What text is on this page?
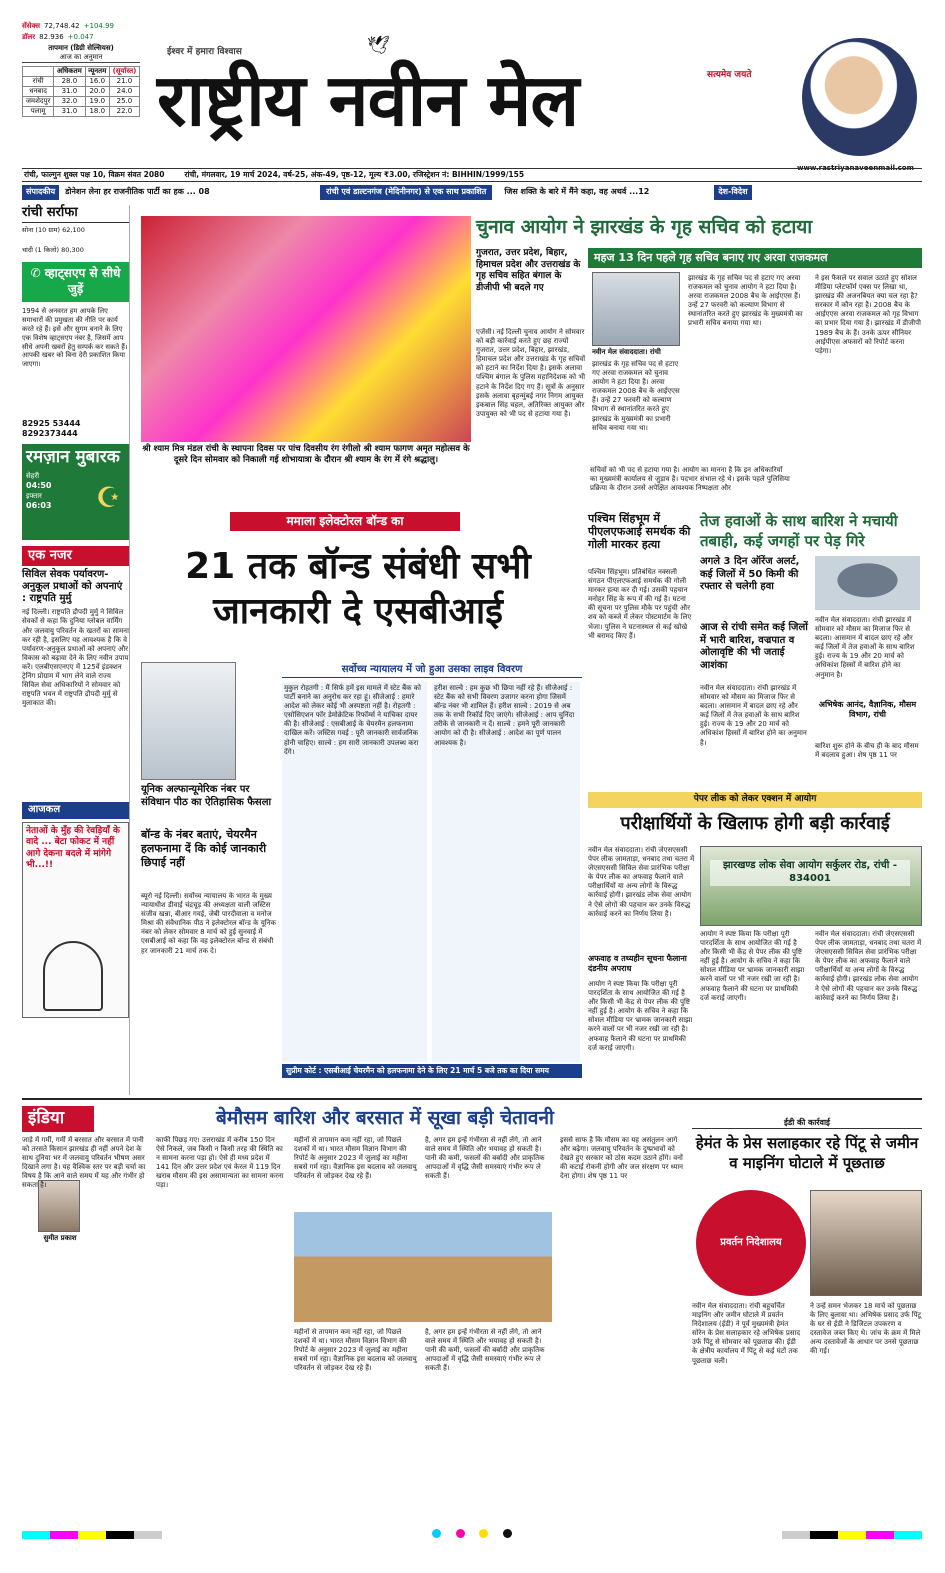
सेंसेक्स 72,748.42 +104.99
डॉलर 82.936 +0.047
तापमान (डिग्री सेल्सियस)
आज का अनुमान
	अधिकतम	न्यूनतम	(सूर्यास्त)
रांची	28.0	16.0	21.0
धनबाद	31.0	20.0	24.0
जमशेदपुर	32.0	19.0	25.0
पलामू	31.0	18.0	22.0
🕊
ईश्वर में हमारा विश्वास
राष्ट्रीय नवीन मेल	सत्यमेव जयते
www.rastriyanaveenmail.com
रांची, फाल्गुन शुक्ल पक्ष 10, विक्रम संवत 2080	रांची, मंगलवार, 19 मार्च 2024, वर्ष-25, अंक-49, पृष्ठ-12, मूल्य ₹3.00, रजिस्ट्रेशन नं: BIHHIN/1999/155
संपादकीय	डोनेशन लेना हर राजनीतिक पार्टी का हक ... 08	रांची एवं डाल्टनगंज (मेदिनीनगर) से एक साथ प्रकाशित	जिस शक्ति के बारे में मैंने कहा, वह अथर्व ...12	देश-विदेश
रांची सर्राफा
सोना (10 ग्राम) 62,100
चांदी (1 किलो) 80,300
✆ व्हाट्सएप से सीधे जुड़ें
1994 से अनवरत हम आपके लिए समाचारों की प्रमुखता की नीति पर कार्य करते रहे हैं। इसे और सुगम बनाने के लिए एक विशेष व्हाट्सएप नंबर है, जिसमें आप सीधे अपनी खबरों हेतु सम्पर्क कर सकते हैं। आपकी खबर को बिना देरी प्रकाशित किया जाएगा।
82925 53444
8292373444
रमज़ान मुबारक
☪
सेहरी
04:50
इफ्तार
06:03
एक नजर
सिविल सेवक पर्यावरण-अनुकूल प्रथाओं को अपनाएं : राष्ट्रपति मुर्मु
नई दिल्ली। राष्ट्रपति द्रौपदी मुर्मु ने सिविल सेवकों से कहा कि दुनिया ग्लोबल वार्मिंग और जलवायु परिवर्तन के खतरों का सामना कर रही है, इसलिए यह आवश्यक है कि वे पर्यावरण-अनुकूल प्रथाओं को अपनाएं और विकास को बढ़ावा देने के लिए नवीन उपाय करें। एलबीएसएनएए में 125वें इंडक्शन ट्रेनिंग प्रोग्राम में भाग लेने वाले राज्य सिविल सेवा अधिकारियों ने सोमवार को राष्ट्रपति भवन में राष्ट्रपति द्रौपदी मुर्मु से मुलाकात की।
आजकल
नेताओं के मुँह की रेवड़ियाँ के वादे ... बेटा फोकट में नहीं आगे देकना बदले में मांगेगे भी...!!
श्री श्याम मित्र मंडल रांची के स्थापना दिवस पर पांच दिवसीय रंग रंगीलो श्री श्याम फागण अमृत महोत्सव के दूसरे दिन सोमवार को निकाली गई शोभायात्रा के दौरान श्री श्याम के रंग में रंगे श्रद्धालु।
चुनाव आयोग ने झारखंड के गृह सचिव को हटाया
गुजरात, उत्तर प्रदेश, बिहार, हिमाचल प्रदेश और उत्तराखंड के गृह सचिव सहित बंगाल के डीजीपी भी बदले गए
एजेंसी। नई दिल्ली चुनाव आयोग ने सोमवार को बड़ी कार्रवाई करते हुए छह राज्यों गुजरात, उत्तर प्रदेश, बिहार, झारखंड, हिमाचल प्रदेश और उत्तराखंड के गृह सचिवों को हटाने का निर्देश दिया है। इसके अलावा पश्चिम बंगाल के पुलिस महानिदेशक को भी हटाने के निर्देश दिए गए हैं। सूत्रों के अनुसार इसके अलावा बृहन्मुंबई नगर निगम आयुक्त इकबाल सिंह चहल, अतिरिक्त आयुक्त और उपायुक्त को भी पद से हटाया गया है।
महज 13 दिन पहले गृह सचिव बनाए गए अरवा राजकमल
नवीन मेल संवाददाता। रांची
झारखंड के गृह सचिव पद से हटाए गए अरवा राजकमल को चुनाव आयोग ने हटा दिया है। अरवा राजकमल 2008 बैच के आईएएस हैं। उन्हें 27 फरवरी को कल्याण विभाग से स्थानांतरित करते हुए झारखंड के मुख्यमंत्री का प्रभारी सचिव बनाया गया था।
सचिवों को भी पद से हटाया गया है। आयोग का मानना है कि इन अधिकारियों का मुख्यमंत्री कार्यालय से जुड़ाव है। पदभार संभाल रहे थे। इसके पहले पुलिसिया प्रक्रिया के दौरान उनसे अपेक्षित आवश्यक निष्पक्षता और
ने इस फैसले पर सवाल उठाते हुए सोशल मीडिया प्लेटफॉर्म एक्स पर लिखा था, झारखंड की अजनबियत क्या चल रहा है? सरकार में कौन रहा है। 2008 बैच के आईएएस अरवा राजकमल को गृह विभाग का प्रभार दिया गया है। झारखंड में डीजीपी 1989 बैच के हैं। उनके ऊपर सीनियर आईपीएस अफसरों को रिपोर्ट करना पड़ेगा।
झारखंड के गृह सचिव पद से हटाए गए अरवा राजकमल को चुनाव आयोग ने हटा दिया है। अरवा राजकमल 2008 बैच के आईएएस हैं। उन्हें 27 फरवरी को कल्याण विभाग से स्थानांतरित करते हुए झारखंड के मुख्यमंत्री का प्रभारी सचिव बनाया गया था।
ममाला इलेक्टोरल बॉन्ड का
21 तक बॉन्ड संबंधी सभी जानकारी दे एसबीआई
यूनिक अल्फान्यूमेरिक नंबर पर संविधान पीठ का ऐतिहासिक फैसला
बॉन्ड के नंबर बताएं, चेयरमैन हलफनामा दें कि कोई जानकारी छिपाई नहीं
ब्यूरो नई दिल्ली। सर्वोच्च न्यायालय के भारत के मुख्य न्यायाधीश डीवाई चंद्रचूड़ की अध्यक्षता वाली जस्टिस संजीव खन्ना, बीआर गवई, जेबी पारदीवाला व मनोज मिश्रा की संवैधानिक पीठ ने इलेक्टोरल बॉन्ड के यूनिक नंबर को लेकर सोमवार 8 मार्च को हुई सुनवाई में एसबीआई को कहा कि वह इलेक्टोरल बॉन्ड से संबंधी हर जानकारी 21 मार्च तक दे।
सर्वोच्च न्यायालय में जो हुआ उसका लाइव विवरण
मुकुल रोहतगी : मैं सिर्फ हमें इस मामले में स्टेट बैंक को पार्टी बनाने का अनुरोध कर रहा हूं। सीजेआई : हमारे आदेश को लेकर कोई भी अस्पष्टता नहीं है। रोहतगी : एसोसिएशन फॉर डेमोक्रेटिक रिफॉर्म्स ने याचिका दायर की है। सीजेआई : एसबीआई के चेयरमैन हलफनामा दाखिल करें। जस्टिस गवई : पूरी जानकारी सार्वजनिक होनी चाहिए। साल्वे : हम सारी जानकारी उपलब्ध करा देंगे।
हरीश साल्वे : हम कुछ भी छिपा नहीं रहे हैं। सीजेआई : स्टेट बैंक को सभी विवरण उजागर करना होगा जिसमें बॉन्ड नंबर भी शामिल हैं। हरीश साल्वे : 2019 से अब तक के सभी रिकॉर्ड दिए जाएंगे। सीजेआई : आप चुनिंदा तरीके से जानकारी न दें। साल्वे : हमने पूरी जानकारी आयोग को दी है। सीजेआई : आदेश का पूर्ण पालन आवश्यक है।
सुप्रीम कोर्ट : एसबीआई चेयरमैन को हलफनामा देने के लिए 21 मार्च 5 बजे तक का दिया समय
पश्चिम सिंहभूम में पीएलएफआई समर्थक की गोली मारकर हत्या
पश्चिम सिंहभूम। प्रतिबंधित नक्सली संगठन पीएलएफआई समर्थक की गोली मारकर हत्या कर दी गई। उसकी पहचान मनोहर सिंह के रूप में की गई है। घटना की सूचना पर पुलिस मौके पर पहुंची और शव को कब्जे में लेकर पोस्टमार्टम के लिए भेजा। पुलिस ने घटनास्थल से कई खोखे भी बरामद किए हैं।
तेज हवाओं के साथ बारिश ने मचायी तबाही, कई जगहों पर पेड़ गिरे
अगले 3 दिन ऑरेंज अलर्ट, कई जिलों में 50 किमी की रफ्तार से चलेगी हवा
आज से रांची समेत कई जिलों में भारी बारिश, वज्रपात व ओलावृष्टि की भी जताई आशंका
नवीन मेल संवाददाता। रांची झारखंड में सोमवार को मौसम का मिजाज फिर से बदला। आसमान में बादल छाए रहे और कई जिलों में तेज हवाओं के साथ बारिश हुई। राज्य के 19 और 20 मार्च को अधिकांश हिस्सों में बारिश होने का अनुमान है।
नवीन मेल संवाददाता। रांची झारखंड में सोमवार को मौसम का मिजाज फिर से बदला। आसमान में बादल छाए रहे और कई जिलों में तेज हवाओं के साथ बारिश हुई। राज्य के 19 और 20 मार्च को अधिकांश हिस्सों में बारिश होने का अनुमान है।
अभिषेक आनंद, वैज्ञानिक, मौसम विभाग, रांची
बारिश शुरू होने के बीच ही के बाद मौसम में बदलाव हुआ। शेष पृष्ठ 11 पर
पेपर लीक को लेकर एक्शन में आयोग
परीक्षार्थियों के खिलाफ होगी बड़ी कार्रवाई
नवीन मेल संवाददाता। रांची जेएसएससी पेपर लीक जामताड़ा, धनबाद तथा चतरा में जेएसएससी सिविल सेवा प्रारंभिक परीक्षा के पेपर लीक का अफवाह फैलाने वाले परीक्षार्थियों या अन्य लोगों के विरुद्ध कार्रवाई होगी। झारखंड लोक सेवा आयोग ने ऐसे लोगों की पहचान कर उनके विरुद्ध कार्रवाई करने का निर्णय लिया है।
अफवाह व तथ्यहीन सूचना फैलाना दंडनीय अपराध
आयोग ने स्पष्ट किया कि परीक्षा पूरी पारदर्शिता के साथ आयोजित की गई है और किसी भी केंद्र से पेपर लीक की पुष्टि नहीं हुई है। आयोग के सचिव ने कहा कि सोशल मीडिया पर भ्रामक जानकारी साझा करने वालों पर भी नजर रखी जा रही है। अफवाह फैलाने की घटना पर प्राथमिकी दर्ज कराई जाएगी।
झारखण्ड लोक सेवा आयोग सर्कुलर रोड, रांची - 834001
आयोग ने स्पष्ट किया कि परीक्षा पूरी पारदर्शिता के साथ आयोजित की गई है और किसी भी केंद्र से पेपर लीक की पुष्टि नहीं हुई है। आयोग के सचिव ने कहा कि सोशल मीडिया पर भ्रामक जानकारी साझा करने वालों पर भी नजर रखी जा रही है। अफवाह फैलाने की घटना पर प्राथमिकी दर्ज कराई जाएगी।
नवीन मेल संवाददाता। रांची जेएसएससी पेपर लीक जामताड़ा, धनबाद तथा चतरा में जेएसएससी सिविल सेवा प्रारंभिक परीक्षा के पेपर लीक का अफवाह फैलाने वाले परीक्षार्थियों या अन्य लोगों के विरुद्ध कार्रवाई होगी। झारखंड लोक सेवा आयोग ने ऐसे लोगों की पहचान कर उनके विरुद्ध कार्रवाई करने का निर्णय लिया है।
इंडिया	बेमौसम बारिश और बरसात में सूखा बड़ी चेतावनी
सुमीत प्रकाश
जाड़े में गर्मी, गर्मी में बरसात और बरसात में पानी को तरसते किसान झारखंड ही नहीं अपने देश के साथ दुनिया भर में जलवायु परिवर्तन भीषण असर दिखाने लगा है। यह वैश्विक स्तर पर बड़ी चर्चा का विषय है कि आने वाले समय में यह और गंभीर हो सकता है।
काफी पिछड़ गए। उत्तराखंड में करीब 150 दिन ऐसे निकले, जब किसी न किसी तरह की स्थिति का न सामना करना पड़ा हो। ऐसे ही मध्य प्रदेश में 141 दिन और उत्तर प्रदेश एवं केरल में 119 दिन खराब मौसम की इस असामान्यता का सामना करना पड़ा।
महीनों से तापमान कम नहीं रहा, जो पिछले दशकों में था। भारत मौसम विज्ञान विभाग की रिपोर्ट के अनुसार 2023 में जुलाई का महीना सबसे गर्म रहा। वैज्ञानिक इस बदलाव को जलवायु परिवर्तन से जोड़कर देख रहे हैं।
है, अगर हम इन्हें गंभीरता से नहीं लेंगे, तो आने वाले समय में स्थिति और भयावह हो सकती है। पानी की कमी, फसलों की बर्बादी और प्राकृतिक आपदाओं में वृद्धि जैसी समस्याएं गंभीर रूप ले सकती हैं।
महीनों से तापमान कम नहीं रहा, जो पिछले दशकों में था। भारत मौसम विज्ञान विभाग की रिपोर्ट के अनुसार 2023 में जुलाई का महीना सबसे गर्म रहा। वैज्ञानिक इस बदलाव को जलवायु परिवर्तन से जोड़कर देख रहे हैं।
है, अगर हम इन्हें गंभीरता से नहीं लेंगे, तो आने वाले समय में स्थिति और भयावह हो सकती है। पानी की कमी, फसलों की बर्बादी और प्राकृतिक आपदाओं में वृद्धि जैसी समस्याएं गंभीर रूप ले सकती हैं।
इससे साफ है कि मौसम का यह असंतुलन आगे और बढ़ेगा। जलवायु परिवर्तन के दुष्प्रभावों को देखते हुए सरकार को ठोस कदम उठाने होंगे। वनों की कटाई रोकनी होगी और जल संरक्षण पर ध्यान देना होगा। शेष पृष्ठ 11 पर
ईडी की कार्रवाई
हेमंत के प्रेस सलाहकार रहे पिंटू से जमीन व माइनिंग घोटाले में पूछताछ
प्रवर्तन निदेशालय
नवीन मेल संवाददाता। रांची बहुचर्चित माइनिंग और जमीन घोटाले में प्रवर्तन निदेशालय (ईडी) ने पूर्व मुख्यमंत्री हेमंत सोरेन के प्रेस सलाहकार रहे अभिषेक प्रसाद उर्फ पिंटू से सोमवार को पूछताछ की। ईडी के क्षेत्रीय कार्यालय में पिंटू से कई घंटों तक पूछताछ चली।
ने उन्हें समन भेजकर 18 मार्च को पूछताछ के लिए बुलाया था। अभिषेक प्रसाद उर्फ पिंटू के घर से ईडी ने डिजिटल उपकरण व दस्तावेज जब्त किए थे। जांच के क्रम में मिले अन्य दस्तावेजों के आधार पर उनसे पूछताछ की गई।
